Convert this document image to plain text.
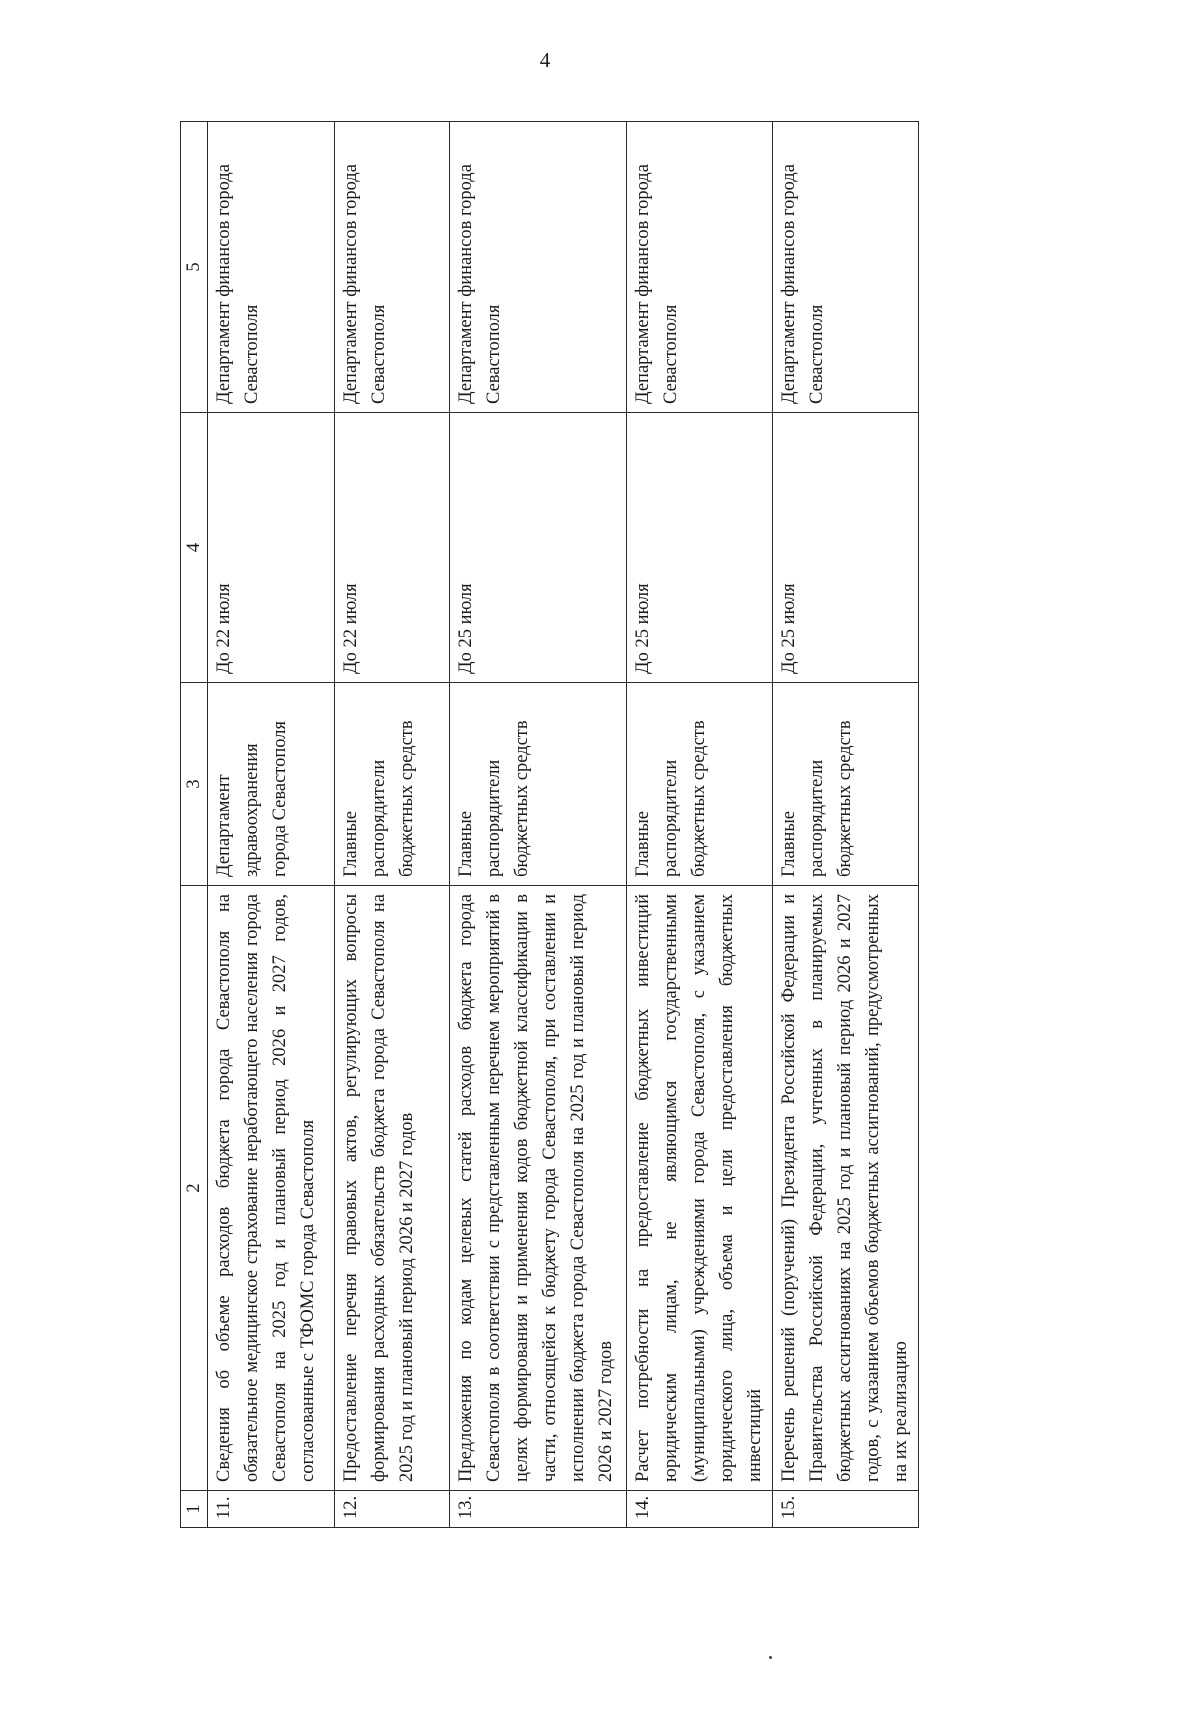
4
1	2	3	4	5
11.	Сведения об объеме расходов бюджета города Севастополя на обязательное медицинское страхование неработающего населения города Севастополя на 2025 год и плановый период 2026 и 2027 годов, согласованные с ТФОМС города Севастополя	Департамент здравоохранения города Севастополя	До 22 июля	Департамент финансов города Севастополя
12.	Предоставление перечня правовых актов, регулирующих вопросы формирования расходных обязательств бюджета города Севастополя на 2025 год и плановый период 2026 и 2027 годов	Главные распорядители бюджетных средств	До 22 июля	Департамент финансов города Севастополя
13.	Предложения по кодам целевых статей расходов бюджета города Севастополя в соответствии с представленным перечнем мероприятий в целях формирования и применения кодов бюджетной классификации в части, относящейся к бюджету города Севастополя, при составлении и исполнении бюджета города Севастополя на 2025 год и плановый период 2026 и 2027 годов	Главные распорядители бюджетных средств	До 25 июля	Департамент финансов города Севастополя
14.	Расчет потребности на предоставление бюджетных инвестиций юридическим лицам, не являющимся государственными (муниципальными) учреждениями города Севастополя, с указанием юридического лица, объема и цели предоставления бюджетных инвестиций	Главные распорядители бюджетных средств	До 25 июля	Департамент финансов города Севастополя
15.	Перечень решений (поручений) Президента Российской Федерации и Правительства Российской Федерации, учтенных в планируемых бюджетных ассигнованиях на 2025 год и плановый период 2026 и 2027 годов, с указанием объемов бюджетных ассигнований, предусмотренных на их реализацию	Главные распорядители бюджетных средств	До 25 июля	Департамент финансов города Севастополя
